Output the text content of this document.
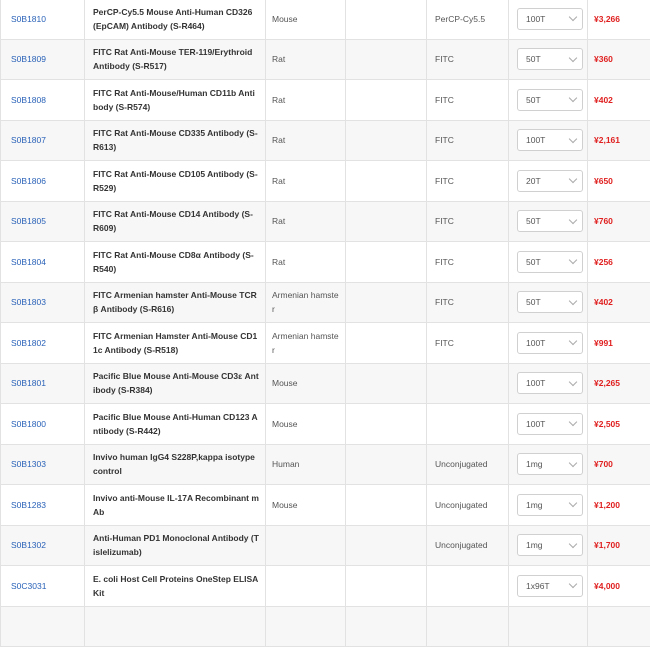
S0B1810	PerCP-Cy5.5 Mouse Anti-Human CD326 (EpCAM) Antibody (S-R464)	Mouse		PerCP-Cy5.5	100T	¥3,266
S0B1809	FITC Rat Anti-Mouse TER-119/Erythroid Antibody (S-R517)	Rat		FITC	50T	¥360
S0B1808	FITC Rat Anti-Mouse/Human CD11b Antibody (S-R574)	Rat		FITC	50T	¥402
S0B1807	FITC Rat Anti-Mouse CD335 Antibody (S-R613)	Rat		FITC	100T	¥2,161
S0B1806	FITC Rat Anti-Mouse CD105 Antibody (S-R529)	Rat		FITC	20T	¥650
S0B1805	FITC Rat Anti-Mouse CD14 Antibody (S-R609)	Rat		FITC	50T	¥760
S0B1804	FITC Rat Anti-Mouse CD8α Antibody (S-R540)	Rat		FITC	50T	¥256
S0B1803	FITC Armenian hamster Anti-Mouse TCR β Antibody (S-R616)	Armenian hamster		FITC	50T	¥402
S0B1802	FITC Armenian Hamster Anti-Mouse CD11c Antibody (S-R518)	Armenian hamster		FITC	100T	¥991
S0B1801	Pacific Blue Mouse Anti-Mouse CD3ε Antibody (S-R384)	Mouse			100T	¥2,265
S0B1800	Pacific Blue Mouse Anti-Human CD123 Antibody (S-R442)	Mouse			100T	¥2,505
S0B1303	Invivo human IgG4 S228P,kappa isotype control	Human		Unconjugated	1mg	¥700
S0B1283	Invivo anti-Mouse IL-17A Recombinant mAb	Mouse		Unconjugated	1mg	¥1,200
S0B1302	Anti-Human PD1 Monoclonal Antibody (Tislelizumab)			Unconjugated	1mg	¥1,700
S0C3031	E. coli Host Cell Proteins OneStep ELISA Kit				1x96T	¥4,000
